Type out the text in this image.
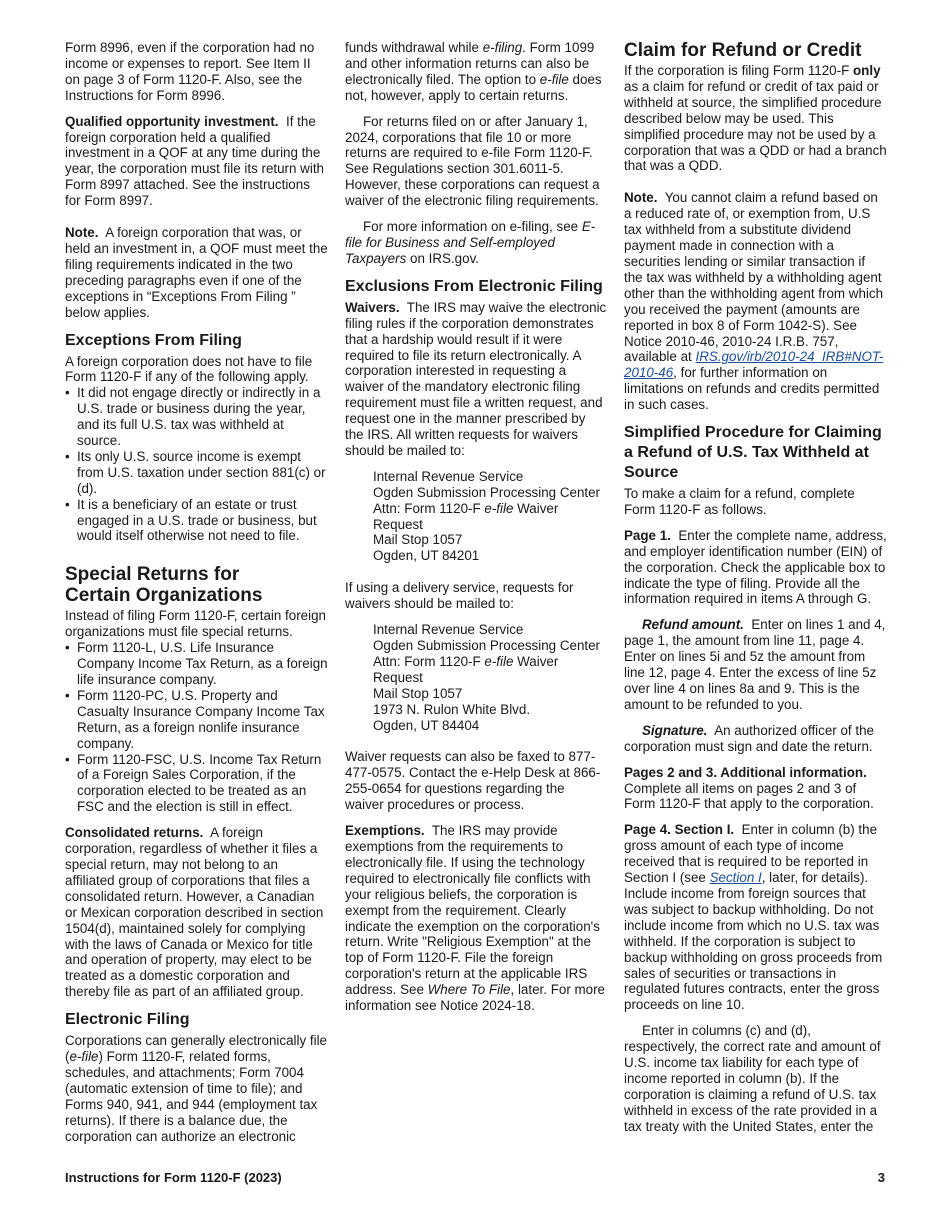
Form 8996, even if the corporation had no income or expenses to report. See Item II on page 3 of Form 1120-F. Also, see the Instructions for Form 8996.

Qualified opportunity investment. If the foreign corporation held a qualified investment in a QOF at any time during the year, the corporation must file its return with Form 8997 attached. See the instructions for Form 8997.

Note. A foreign corporation that was, or held an investment in, a QOF must meet the filing requirements indicated in the two preceding paragraphs even if one of the exceptions in “Exceptions From Filing ” below applies.

Exceptions From Filing

A foreign corporation does not have to file Form 1120-F if any of the following apply.

• It did not engage directly or indirectly in a U.S. trade or business during the year, and its full U.S. tax was withheld at source.

• Its only U.S. source income is exempt from U.S. taxation under section 881(c) or (d).

• It is a beneficiary of an estate or trust engaged in a U.S. trade or business, but would itself otherwise not need to file.

Special Returns for
Certain Organizations

Instead of filing Form 1120-F, certain foreign organizations must file special returns.

• Form 1120-L, U.S. Life Insurance Company Income Tax Return, as a foreign life insurance company.

• Form 1120-PC, U.S. Property and Casualty Insurance Company Income Tax Return, as a foreign nonlife insurance company.

• Form 1120-FSC, U.S. Income Tax Return of a Foreign Sales Corporation, if the corporation elected to be treated as an FSC and the election is still in effect.

Consolidated returns. A foreign corporation, regardless of whether it files a special return, may not belong to an affiliated group of corporations that files a consolidated return. However, a Canadian or Mexican corporation described in section 1504(d), maintained solely for complying with the laws of Canada or Mexico for title and operation of property, may elect to be treated as a domestic corporation and thereby file as part of an affiliated group.

Electronic Filing

Corporations can generally electronically file (e-file) Form 1120-F, related forms, schedules, and attachments; Form 7004 (automatic extension of time to file); and Forms 940, 941, and 944 (employment tax returns). If there is a balance due, the corporation can authorize an electronic

funds withdrawal while e-filing. Form 1099 and other information returns can also be electronically filed. The option to e-file does not, however, apply to certain returns.

For returns filed on or after January 1, 2024, corporations that file 10 or more returns are required to e-file Form 1120-F. See Regulations section 301.6011-5. However, these corporations can request a waiver of the electronic filing requirements.

For more information on e-filing, see E-file for Business and Self-employed Taxpayers on IRS.gov.

Exclusions From Electronic Filing

Waivers. The IRS may waive the electronic filing rules if the corporation demonstrates that a hardship would result if it were required to file its return electronically. A corporation interested in requesting a waiver of the mandatory electronic filing requirement must file a written request, and request one in the manner prescribed by the IRS. All written requests for waivers should be mailed to:

Internal Revenue Service
Ogden Submission Processing Center
Attn: Form 1120-F e-file Waiver Request
Mail Stop 1057
Ogden, UT 84201

If using a delivery service, requests for waivers should be mailed to:

Internal Revenue Service
Ogden Submission Processing Center
Attn: Form 1120-F e-file Waiver Request
Mail Stop 1057
1973 N. Rulon White Blvd.
Ogden, UT 84404

Waiver requests can also be faxed to 877-477-0575. Contact the e-Help Desk at 866-255-0654 for questions regarding the waiver procedures or process.

Exemptions. The IRS may provide exemptions from the requirements to electronically file. If using the technology required to electronically file conflicts with your religious beliefs, the corporation is exempt from the requirement. Clearly indicate the exemption on the corporation's return. Write "Religious Exemption" at the top of Form 1120-F. File the foreign corporation's return at the applicable IRS address. See Where To File, later. For more information see Notice 2024-18.

Claim for Refund or Credit

If the corporation is filing Form 1120-F only as a claim for refund or credit of tax paid or withheld at source, the simplified procedure described below may be used. This simplified procedure may not be used by a corporation that was a QDD or had a branch that was a QDD.

Note. You cannot claim a refund based on a reduced rate of, or exemption from, U.S tax withheld from a substitute dividend payment made in connection with a securities lending or similar transaction if the tax was withheld by a withholding agent other than the withholding agent from which you received the payment (amounts are reported in box 8 of Form 1042-S). See Notice 2010-46, 2010-24 I.R.B. 757, available at IRS.gov/irb/2010-24_IRB#NOT-2010-46, for further information on limitations on refunds and credits permitted in such cases.

Simplified Procedure for Claiming a Refund of U.S. Tax Withheld at Source

To make a claim for a refund, complete Form 1120-F as follows.

Page 1. Enter the complete name, address, and employer identification number (EIN) of the corporation. Check the applicable box to indicate the type of filing. Provide all the information required in items A through G.

Refund amount. Enter on lines 1 and 4, page 1, the amount from line 11, page 4. Enter on lines 5i and 5z the amount from line 12, page 4. Enter the excess of line 5z over line 4 on lines 8a and 9. This is the amount to be refunded to you.

Signature. An authorized officer of the corporation must sign and date the return.

Pages 2 and 3. Additional information. Complete all items on pages 2 and 3 of Form 1120-F that apply to the corporation.

Page 4. Section I. Enter in column (b) the gross amount of each type of income received that is required to be reported in Section I (see Section I, later, for details). Include income from foreign sources that was subject to backup withholding. Do not include income from which no U.S. tax was withheld. If the corporation is subject to backup withholding on gross proceeds from sales of securities or transactions in regulated futures contracts, enter the gross proceeds on line 10.

Enter in columns (c) and (d), respectively, the correct rate and amount of U.S. income tax liability for each type of income reported in column (b). If the corporation is claiming a refund of U.S. tax withheld in excess of the rate provided in a tax treaty with the United States, enter the

Instructions for Form 1120-F (2023)	3
